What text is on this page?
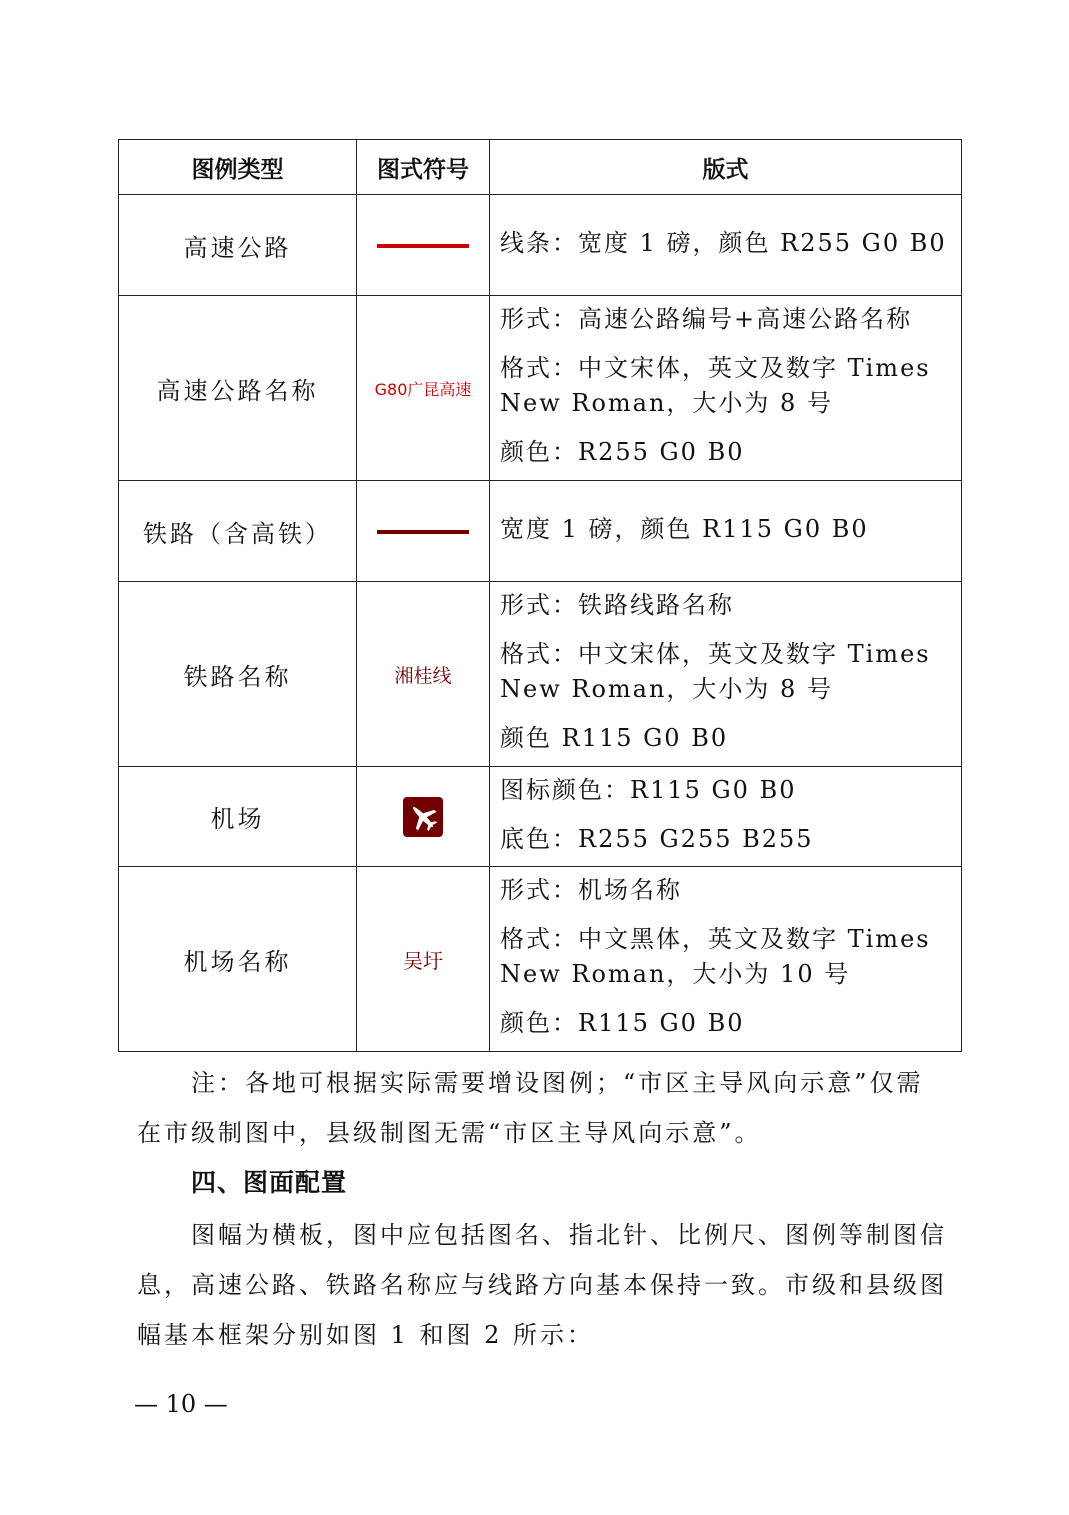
图例类型	图式符号	版式
高速公路		线条：宽度 1 磅，颜色 R255 G0 B0

高速公路名称	G80广昆高速	形式：高速公路编号+高速公路名称

格式：中文宋体，英文及数字 Times New Roman，大小为 8 号

颜色：R255 G0 B0

铁路（含高铁）		宽度 1 磅，颜色 R115 G0 B0

铁路名称	湘桂线	形式：铁路线路名称

格式：中文宋体，英文及数字 Times New Roman，大小为 8 号

颜色 R115 G0 B0

机场		图标颜色：R115 G0 B0

底色：R255 G255 B255

机场名称	吴圩	形式：机场名称

格式：中文黑体，英文及数字 Times New Roman，大小为 10 号

颜色：R115 G0 B0

注：各地可根据实际需要增设图例；“市区主导风向示意”仅需在市级制图中，县级制图无需“市区主导风向示意”。

四、图面配置

图幅为横板，图中应包括图名、指北针、比例尺、图例等制图信息，高速公路、铁路名称应与线路方向基本保持一致。市级和县级图幅基本框架分别如图 1 和图 2 所示：

— 10 —
